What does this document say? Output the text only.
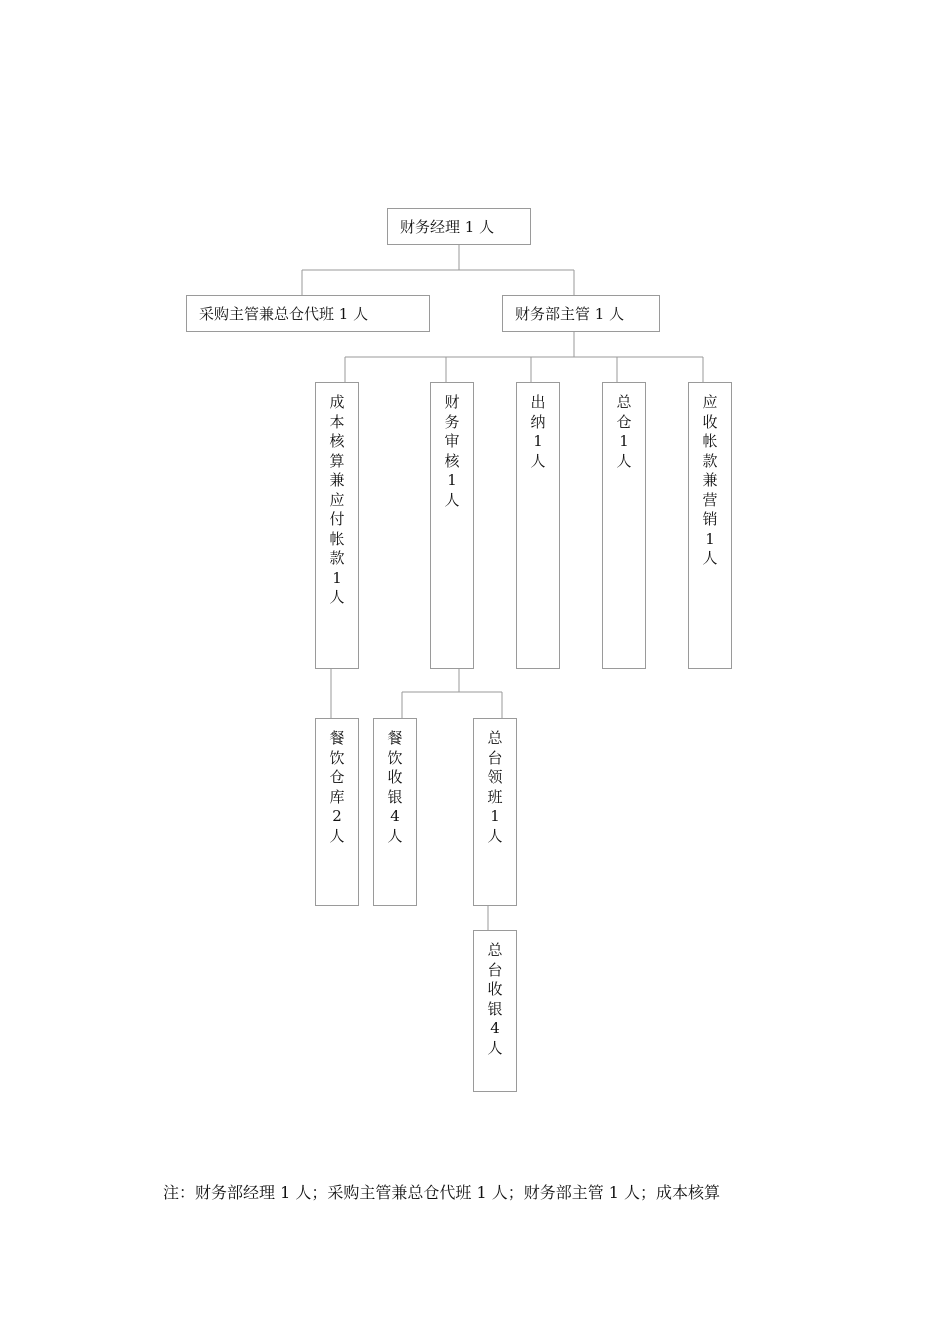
财务经理 1 人
采购主管兼总仓代班 1 人	财务部主管 1 人
成本核算兼应付帐款1人
财务审核1人
出纳1人
总仓1人
应收帐款兼营销1人
餐饮仓库2人
餐饮收银4人
总台领班1人
总台收银4人
注：财务部经理 1 人；采购主管兼总仓代班 1 人；财务部主管 1 人；成本核算
